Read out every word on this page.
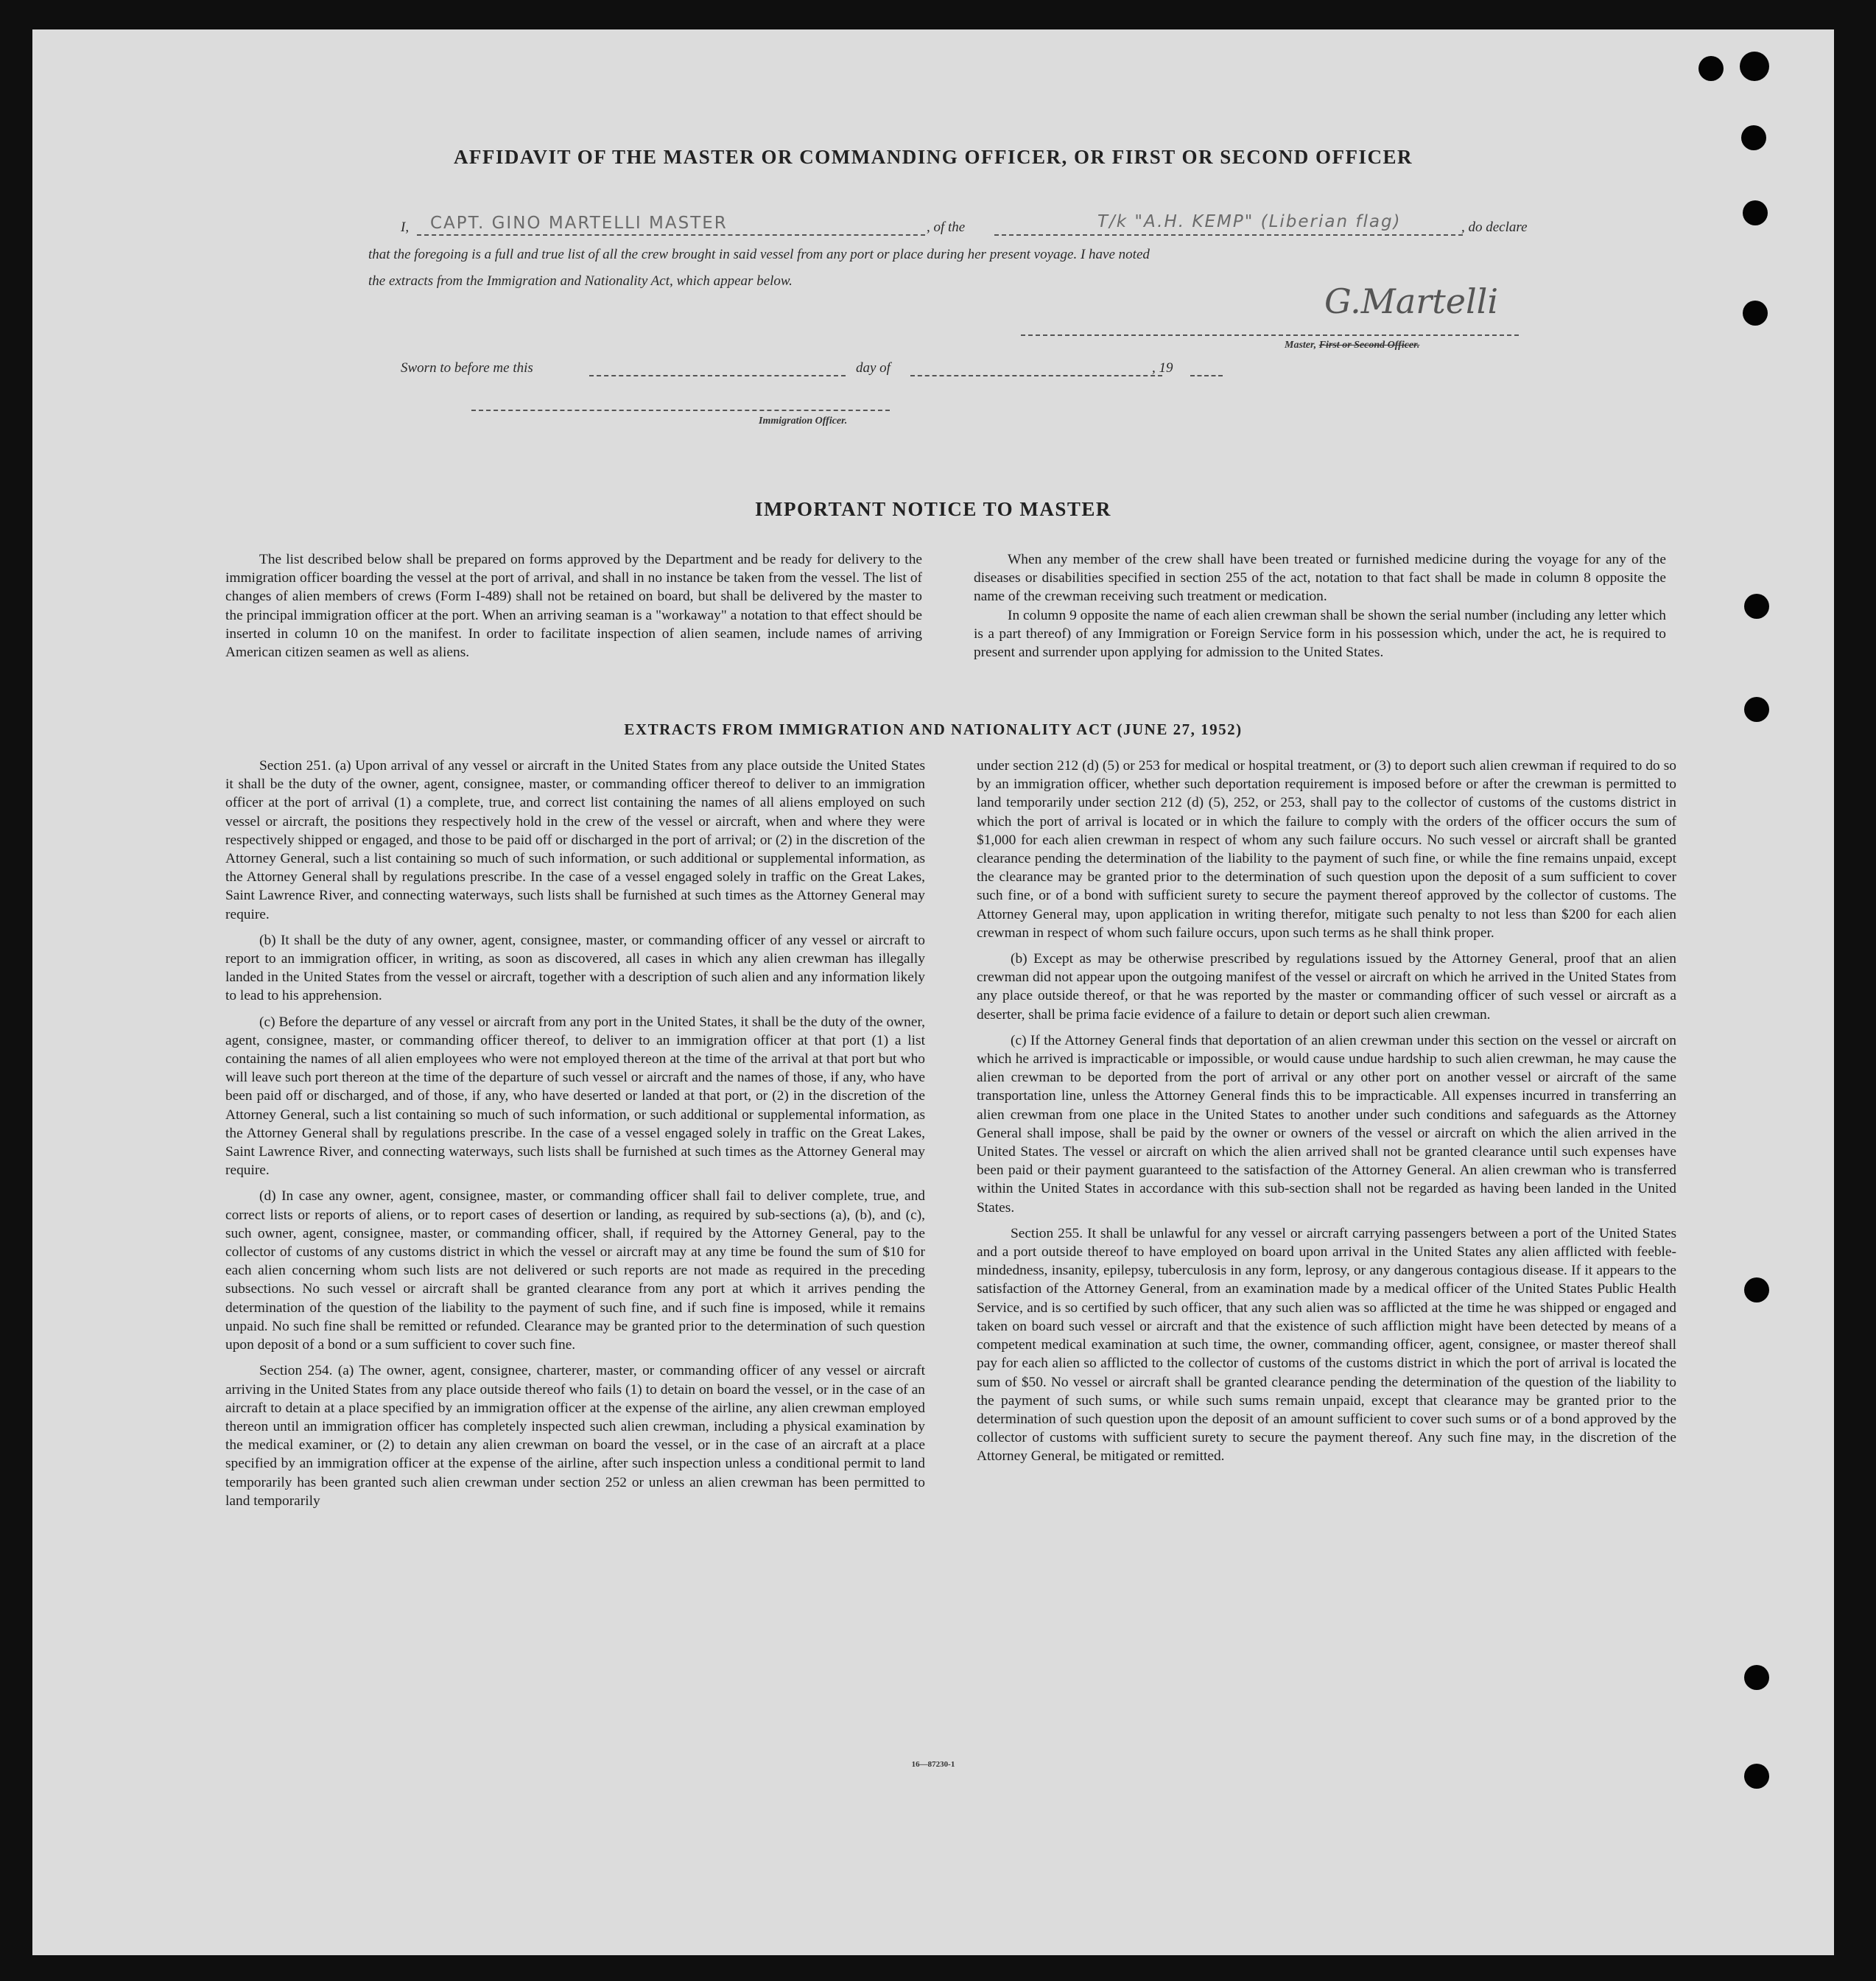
AFFIDAVIT OF THE MASTER OR COMMANDING OFFICER, OR FIRST OR SECOND OFFICER
I, CAPT. GINO MARTELLI MASTER	, of the	T/k "A.H. KEMP" (Liberian flag)	, do declare
that the foregoing is a full and true list of all the crew brought in said vessel from any port or place during her present voyage. I have noted
the extracts from the Immigration and Nationality Act, which appear below.
G.Martelli
Master, First or Second Officer.
Sworn to before me this	day of	, 19
Immigration Officer.
IMPORTANT NOTICE TO MASTER

The list described below shall be prepared on forms approved by the Department and be ready for delivery to the immigration officer boarding the vessel at the port of arrival, and shall in no instance be taken from the vessel. The list of changes of alien members of crews (Form I-489) shall not be retained on board, but shall be delivered by the master to the principal immigration officer at the port. When an arriving seaman is a "workaway" a notation to that effect should be inserted in column 10 on the manifest. In order to facilitate inspection of alien seamen, include names of arriving American citizen seamen as well as aliens.

When any member of the crew shall have been treated or furnished medicine during the voyage for any of the diseases or disabilities specified in section 255 of the act, notation to that fact shall be made in column 8 opposite the name of the crewman receiving such treatment or medication.

In column 9 opposite the name of each alien crewman shall be shown the serial number (including any letter which is a part thereof) of any Immigration or Foreign Service form in his possession which, under the act, he is required to present and surrender upon applying for admission to the United States.

EXTRACTS FROM IMMIGRATION AND NATIONALITY ACT (JUNE 27, 1952)

Section 251. (a) Upon arrival of any vessel or aircraft in the United States from any place outside the United States it shall be the duty of the owner, agent, consignee, master, or commanding officer thereof to deliver to an immigration officer at the port of arrival (1) a complete, true, and correct list containing the names of all aliens employed on such vessel or aircraft, the positions they respectively hold in the crew of the vessel or aircraft, when and where they were respectively shipped or engaged, and those to be paid off or discharged in the port of arrival; or (2) in the discretion of the Attorney General, such a list containing so much of such information, or such additional or supplemental information, as the Attorney General shall by regulations prescribe. In the case of a vessel engaged solely in traffic on the Great Lakes, Saint Lawrence River, and connecting waterways, such lists shall be furnished at such times as the Attorney General may require.

(b) It shall be the duty of any owner, agent, consignee, master, or commanding officer of any vessel or aircraft to report to an immigration officer, in writing, as soon as discovered, all cases in which any alien crewman has illegally landed in the United States from the vessel or aircraft, together with a description of such alien and any information likely to lead to his apprehension.

(c) Before the departure of any vessel or aircraft from any port in the United States, it shall be the duty of the owner, agent, consignee, master, or commanding officer thereof, to deliver to an immigration officer at that port (1) a list containing the names of all alien employees who were not employed thereon at the time of the arrival at that port but who will leave such port thereon at the time of the departure of such vessel or aircraft and the names of those, if any, who have been paid off or discharged, and of those, if any, who have deserted or landed at that port, or (2) in the discretion of the Attorney General, such a list containing so much of such information, or such additional or supplemental information, as the Attorney General shall by regulations prescribe. In the case of a vessel engaged solely in traffic on the Great Lakes, Saint Lawrence River, and connecting waterways, such lists shall be furnished at such times as the Attorney General may require.

(d) In case any owner, agent, consignee, master, or commanding officer shall fail to deliver complete, true, and correct lists or reports of aliens, or to report cases of desertion or landing, as required by sub-sections (a), (b), and (c), such owner, agent, consignee, master, or commanding officer, shall, if required by the Attorney General, pay to the collector of customs of any customs district in which the vessel or aircraft may at any time be found the sum of $10 for each alien concerning whom such lists are not delivered or such reports are not made as required in the preceding subsections. No such vessel or aircraft shall be granted clearance from any port at which it arrives pending the determination of the question of the liability to the payment of such fine, and if such fine is imposed, while it remains unpaid. No such fine shall be remitted or refunded. Clearance may be granted prior to the determination of such question upon deposit of a bond or a sum sufficient to cover such fine.

Section 254. (a) The owner, agent, consignee, charterer, master, or commanding officer of any vessel or aircraft arriving in the United States from any place outside thereof who fails (1) to detain on board the vessel, or in the case of an aircraft to detain at a place specified by an immigration officer at the expense of the airline, any alien crewman employed thereon until an immigration officer has completely inspected such alien crewman, including a physical examination by the medical examiner, or (2) to detain any alien crewman on board the vessel, or in the case of an aircraft at a place specified by an immigration officer at the expense of the airline, after such inspection unless a conditional permit to land temporarily has been granted such alien crewman under section 252 or unless an alien crewman has been permitted to land temporarily

under section 212 (d) (5) or 253 for medical or hospital treatment, or (3) to deport such alien crewman if required to do so by an immigration officer, whether such deportation requirement is imposed before or after the crewman is permitted to land temporarily under section 212 (d) (5), 252, or 253, shall pay to the collector of customs of the customs district in which the port of arrival is located or in which the failure to comply with the orders of the officer occurs the sum of $1,000 for each alien crewman in respect of whom any such failure occurs. No such vessel or aircraft shall be granted clearance pending the determination of the liability to the payment of such fine, or while the fine remains unpaid, except the clearance may be granted prior to the determination of such question upon the deposit of a sum sufficient to cover such fine, or of a bond with sufficient surety to secure the payment thereof approved by the collector of customs. The Attorney General may, upon application in writing therefor, mitigate such penalty to not less than $200 for each alien crewman in respect of whom such failure occurs, upon such terms as he shall think proper.

(b) Except as may be otherwise prescribed by regulations issued by the Attorney General, proof that an alien crewman did not appear upon the outgoing manifest of the vessel or aircraft on which he arrived in the United States from any place outside thereof, or that he was reported by the master or commanding officer of such vessel or aircraft as a deserter, shall be prima facie evidence of a failure to detain or deport such alien crewman.

(c) If the Attorney General finds that deportation of an alien crewman under this section on the vessel or aircraft on which he arrived is impracticable or impossible, or would cause undue hardship to such alien crewman, he may cause the alien crewman to be deported from the port of arrival or any other port on another vessel or aircraft of the same transportation line, unless the Attorney General finds this to be impracticable. All expenses incurred in transferring an alien crewman from one place in the United States to another under such conditions and safeguards as the Attorney General shall impose, shall be paid by the owner or owners of the vessel or aircraft on which the alien arrived in the United States. The vessel or aircraft on which the alien arrived shall not be granted clearance until such expenses have been paid or their payment guaranteed to the satisfaction of the Attorney General. An alien crewman who is transferred within the United States in accordance with this sub-section shall not be regarded as having been landed in the United States.

Section 255. It shall be unlawful for any vessel or aircraft carrying passengers between a port of the United States and a port outside thereof to have employed on board upon arrival in the United States any alien afflicted with feeble-mindedness, insanity, epilepsy, tuberculosis in any form, leprosy, or any dangerous contagious disease. If it appears to the satisfaction of the Attorney General, from an examination made by a medical officer of the United States Public Health Service, and is so certified by such officer, that any such alien was so afflicted at the time he was shipped or engaged and taken on board such vessel or aircraft and that the existence of such affliction might have been detected by means of a competent medical examination at such time, the owner, commanding officer, agent, consignee, or master thereof shall pay for each alien so afflicted to the collector of customs of the customs district in which the port of arrival is located the sum of $50. No vessel or aircraft shall be granted clearance pending the determination of the question of the liability to the payment of such sums, or while such sums remain unpaid, except that clearance may be granted prior to the determination of such question upon the deposit of an amount sufficient to cover such sums or of a bond approved by the collector of customs with sufficient surety to secure the payment thereof. Any such fine may, in the discretion of the Attorney General, be mitigated or remitted.

16—87230-1
